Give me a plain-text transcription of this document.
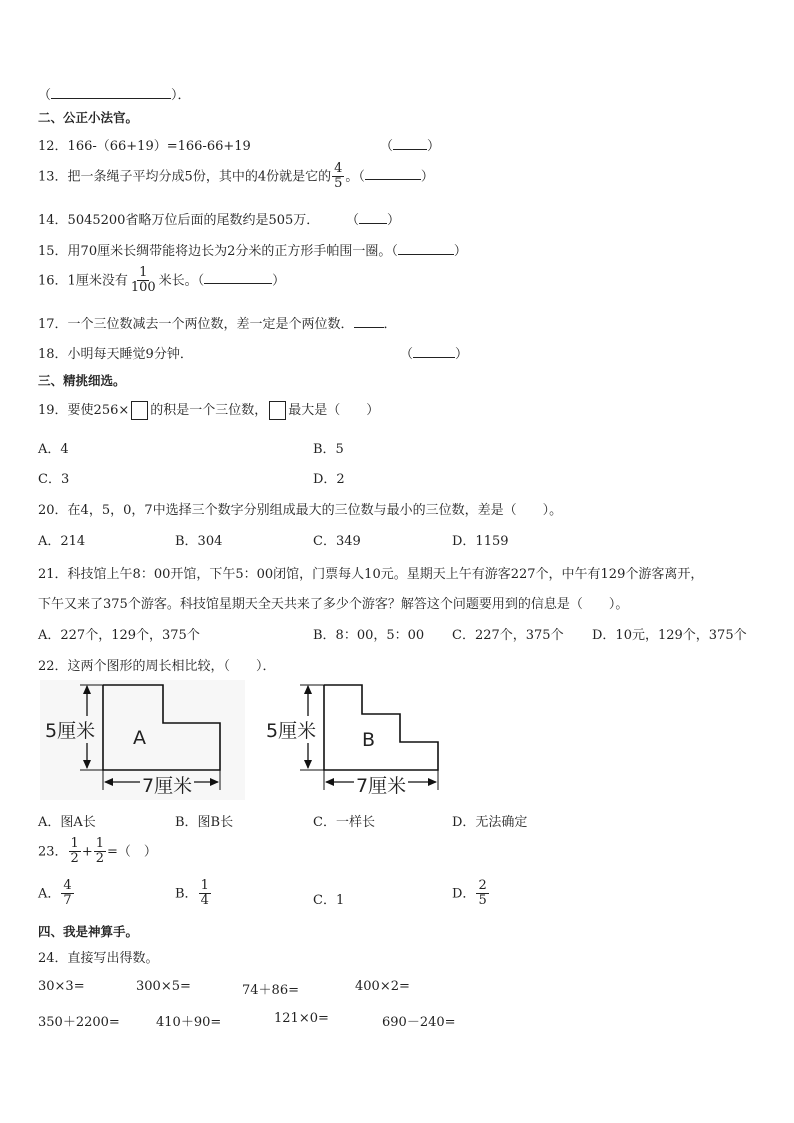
（	）．
二、公正小法官。
12．166-（66+19）=166-66+19	（	）
13．把一条绳子平均分成5份，其中的4份就是它的 $\frac{4}{5}$ 。（	）
14．5045200省略万位后面的尾数约是505万． （ ）
15．用70厘米长绸带能将边长为2分米的正方形手帕围一圈。（	）
16．1厘米没有 $\frac{1}{100}$ 米长。（	）
17．一个三位数减去一个两位数，差一定是个两位数． ．
18．小明每天睡觉9分钟．	（	）
三、精挑细选。
19．要使256× 的积是一个三位数， 最大是（　　）
A．4	B．5
C．3	D．2
20．在4，5，0，7中选择三个数字分别组成最大的三位数与最小的三位数，差是（　　）。
A．214	B．304	C．349	D．1159
21．科技馆上午8：00开馆，下午5：00闭馆，门票每人10元。星期天上午有游客227个，中午有129个游客离开，
下午又来了375个游客。科技馆星期天全天共来了多少个游客？解答这个问题要用到的信息是（　　）。
A．227个，129个，375个	B．8：00，5：00 C．227个，375个 D．10元，129个，375个
22．这两个图形的周长相比较，（　　）．
5厘米 A
7厘米
5厘米 B
7厘米
A．图A长	B．图B长	C．一样长	D．无法确定
23． $\frac{1}{2} + \frac{1}{2}$ =（　）
A． $\frac{4}{7}$	B． $\frac{1}{4}$	C．1	D． $\frac{2}{5}$
四、我是神算手。
24．直接写出得数。
30×3=	300×5=	74＋86=	400×2=
350＋2200=	410＋90=	121×0=	690－240=
